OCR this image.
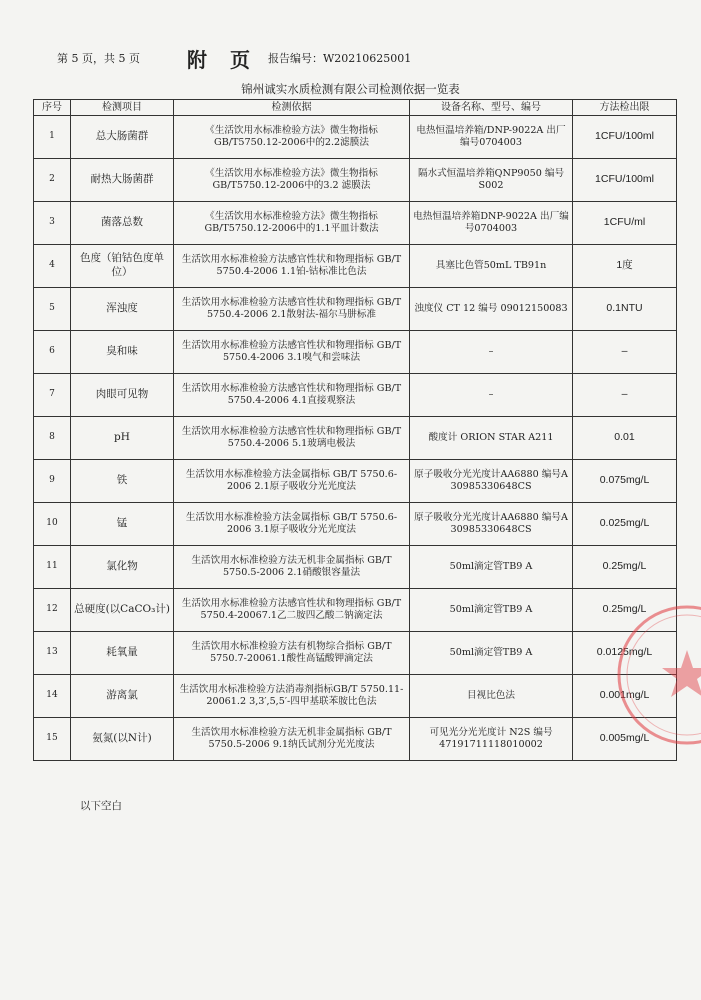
第 5 页，共 5 页 附 页 报告编号：W20210625001
锦州诚实水质检测有限公司检测依据一览表
序号	检测项目	检测依据	设备名称、型号、编号	方法检出限
1	总大肠菌群	《生活饮用水标准检验方法》微生物指标 GB/T5750.12-2006中的2.2滤膜法	电热恒温培养箱/DNP-9022A 出厂编号0704003	1CFU/100ml
2	耐热大肠菌群	《生活饮用水标准检验方法》微生物指标 GB/T5750.12-2006中的3.2 滤膜法	隔水式恒温培养箱QNP9050 编号S002	1CFU/100ml
3	菌落总数	《生活饮用水标准检验方法》微生物指标 GB/T5750.12-2006中的1.1平皿计数法	电热恒温培养箱DNP-9022A 出厂编号0704003	1CFU/ml
4	色度（铂钴色度单位）	生活饮用水标准检验方法感官性状和物理指标 GB/T 5750.4-2006 1.1铂-钴标准比色法	具塞比色管50mL TB91n	1度
5	浑浊度	生活饮用水标准检验方法感官性状和物理指标 GB/T 5750.4-2006 2.1散射法-福尔马肼标准	浊度仪 CT 12 编号 09012150083	0.1NTU
6	臭和味	生活饮用水标准检验方法感官性状和物理指标 GB/T 5750.4-2006 3.1嗅气和尝味法	–	–
7	肉眼可见物	生活饮用水标准检验方法感官性状和物理指标 GB/T 5750.4-2006 4.1直接观察法	–	–
8	pH	生活饮用水标准检验方法感官性状和物理指标 GB/T 5750.4-2006 5.1玻璃电极法	酸度计 ORION STAR A211	0.01
9	铁	生活饮用水标准检验方法金属指标 GB/T 5750.6-2006 2.1原子吸收分光光度法	原子吸收分光光度计AA6880 编号A 30985330648CS	0.075mg/L
10	锰	生活饮用水标准检验方法金属指标 GB/T 5750.6-2006 3.1原子吸收分光光度法	原子吸收分光光度计AA6880 编号A 30985330648CS	0.025mg/L
11	氯化物	生活饮用水标准检验方法无机非金属指标 GB/T 5750.5-2006 2.1硝酸银容量法	50ml滴定管TB9 A	0.25mg/L
12	总硬度(以CaCO₃计)	生活饮用水标准检验方法感官性状和物理指标 GB/T 5750.4-20067.1乙二胺四乙酸二钠滴定法	50ml滴定管TB9 A	0.25mg/L
13	耗氧量	生活饮用水标准检验方法有机物综合指标 GB/T 5750.7-20061.1酸性高锰酸钾滴定法	50ml滴定管TB9 A	0.0125mg/L
14	游离氯	生活饮用水标准检验方法消毒剂指标GB/T 5750.11-20061.2 3,3′,5,5′-四甲基联苯胺比色法	目视比色法	0.001mg/L
15	氨氮(以N计)	生活饮用水标准检验方法无机非金属指标 GB/T 5750.5-2006 9.1纳氏试剂分光光度法	可见光分光光度计 N2S 编号47191711118010002	0.005mg/L
以下空白
